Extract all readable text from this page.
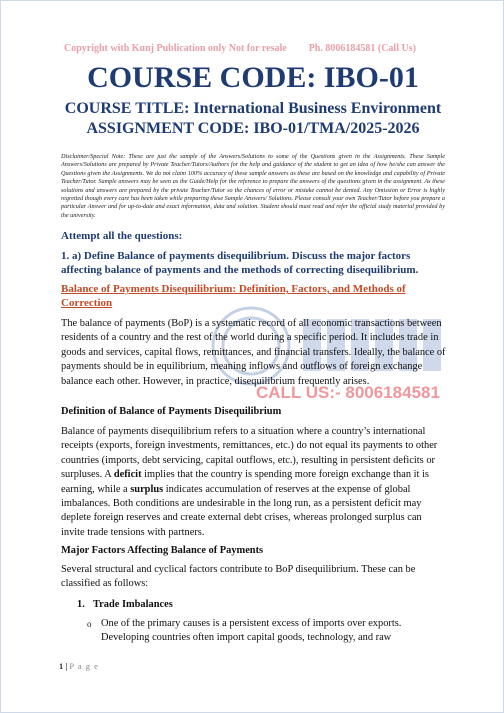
Copyright with Kunj Publication only Not for resale Ph. 8006184581 (Call Us)
COURSE CODE: IBO-01
COURSE TITLE: International Business Environment
ASSIGNMENT CODE: IBO-01/TMA/2025-2026
Disclaimer/Special Note: These are just the sample of the Answers/Solutions to some of the Questions given in the Assignments. These Sample Answers/Solutions are prepared by Private Teacher/Tutors/Authors for the help and guidance of the student to get an idea of how he/she can answer the Questions given the Assignments. We do not claim 100% accuracy of these sample answers as these are based on the knowledge and capability of Private Teacher/Tutor. Sample answers may be seen as the Guide/Help for the reference to prepare the answers of the questions given in the assignment. As these solutions and answers are prepared by the private Teacher/Tutor so the chances of error or mistake cannot be denied. Any Omission or Error is highly regretted though every care has been taken while preparing these Sample Answers/ Solutions. Please consult your own Teacher/Tutor before you prepare a particular Answer and for up-to-date and exact information, data and solution. Student should must read and refer the official study material provided by the university.
Attempt all the questions:
1. a) Define Balance of payments disequilibrium. Discuss the major factors affecting balance of payments and the methods of correcting disequilibrium.
Balance of Payments Disequilibrium: Definition, Factors, and Methods of Correction
CALL US:- 8006184581
The balance of payments (BoP) is a systematic record of all economic transactions between residents of a country and the rest of the world during a specific period. It includes trade in goods and services, capital flows, remittances, and financial transfers. Ideally, the balance of payments should be in equilibrium, meaning inflows and outflows of foreign exchange balance each other. However, in practice, disequilibrium frequently arises.
Definition of Balance of Payments Disequilibrium
Balance of payments disequilibrium refers to a situation where a country’s international receipts (exports, foreign investments, remittances, etc.) do not equal its payments to other countries (imports, debt servicing, capital outflows, etc.), resulting in persistent deficits or surpluses. A deficit implies that the country is spending more foreign exchange than it is earning, while a surplus indicates accumulation of reserves at the expense of global imbalances. Both conditions are undesirable in the long run, as a persistent deficit may deplete foreign reserves and create external debt crises, whereas prolonged surplus can invite trade tensions with partners.
Major Factors Affecting Balance of Payments
Several structural and cyclical factors contribute to BoP disequilibrium. These can be classified as follows:
1. Trade Imbalances
o One of the primary causes is a persistent excess of imports over exports. Developing countries often import capital goods, technology, and raw
1 | P a g e
